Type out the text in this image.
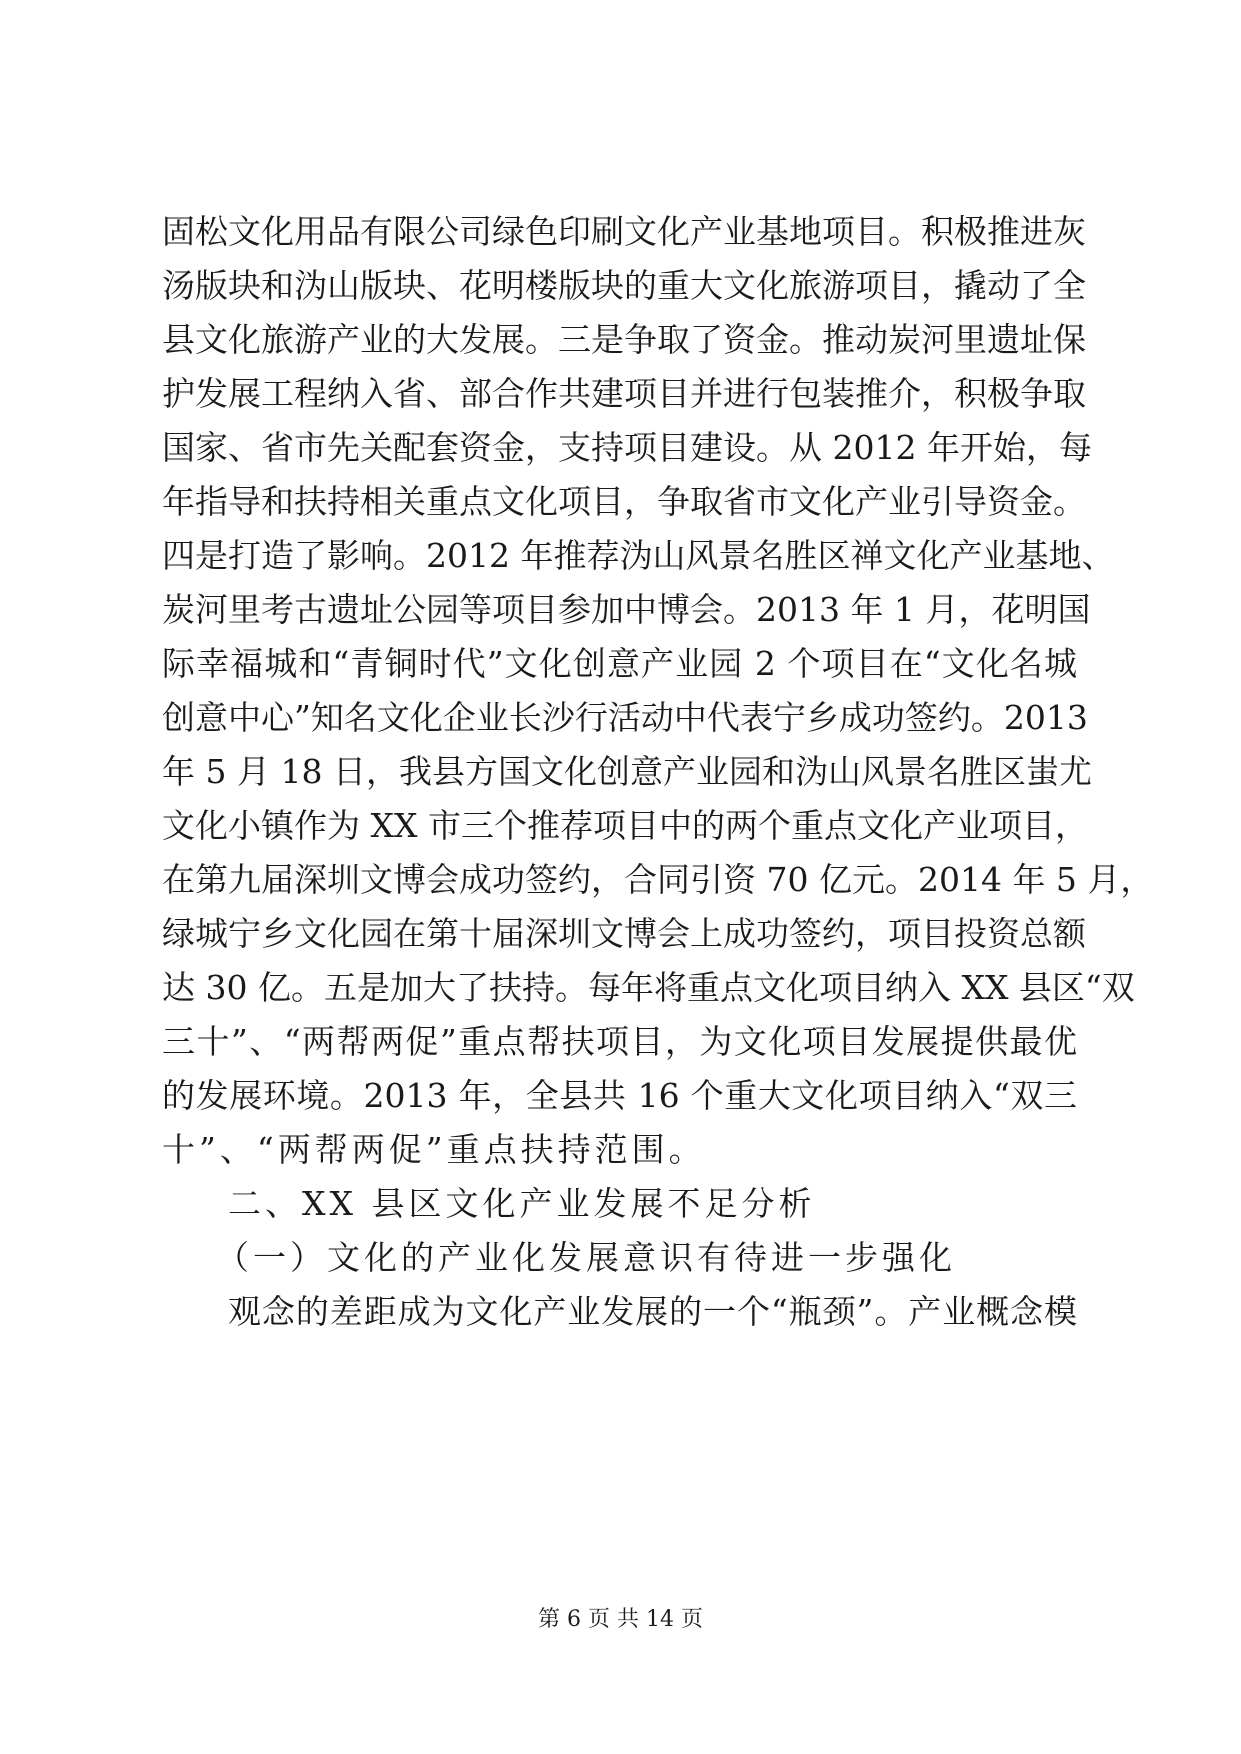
固松文化用品有限公司绿色印刷文化产业基地项目。积极推进灰
汤版块和沩山版块、花明楼版块的重大文化旅游项目，撬动了全
县文化旅游产业的大发展。三是争取了资金。推动炭河里遗址保
护发展工程纳入省、部合作共建项目并进行包装推介，积极争取
国家、省市先关配套资金，支持项目建设。从 2012 年开始，每
年指导和扶持相关重点文化项目，争取省市文化产业引导资金。
四是打造了影响。2012 年推荐沩山风景名胜区禅文化产业基地、
炭河里考古遗址公园等项目参加中博会。2013 年 1 月，花明国
际幸福城和“青铜时代”文化创意产业园 2 个项目在“文化名城
创意中心”知名文化企业长沙行活动中代表宁乡成功签约。2013
年 5 月 18 日，我县方国文化创意产业园和沩山风景名胜区蚩尤
文化小镇作为 XX 市三个推荐项目中的两个重点文化产业项目，
在第九届深圳文博会成功签约，合同引资 70 亿元。2014 年 5 月，
绿城宁乡文化园在第十届深圳文博会上成功签约，项目投资总额
达 30 亿。五是加大了扶持。每年将重点文化项目纳入 XX 县区“双
三十”、“两帮两促”重点帮扶项目，为文化项目发展提供最优
的发展环境。2013 年，全县共 16 个重大文化项目纳入“双三
十”、“两帮两促”重点扶持范围。
二、XX 县区文化产业发展不足分析
（一）文化的产业化发展意识有待进一步强化
观念的差距成为文化产业发展的一个“瓶颈”。产业概念模
第 6 页 共 14 页
